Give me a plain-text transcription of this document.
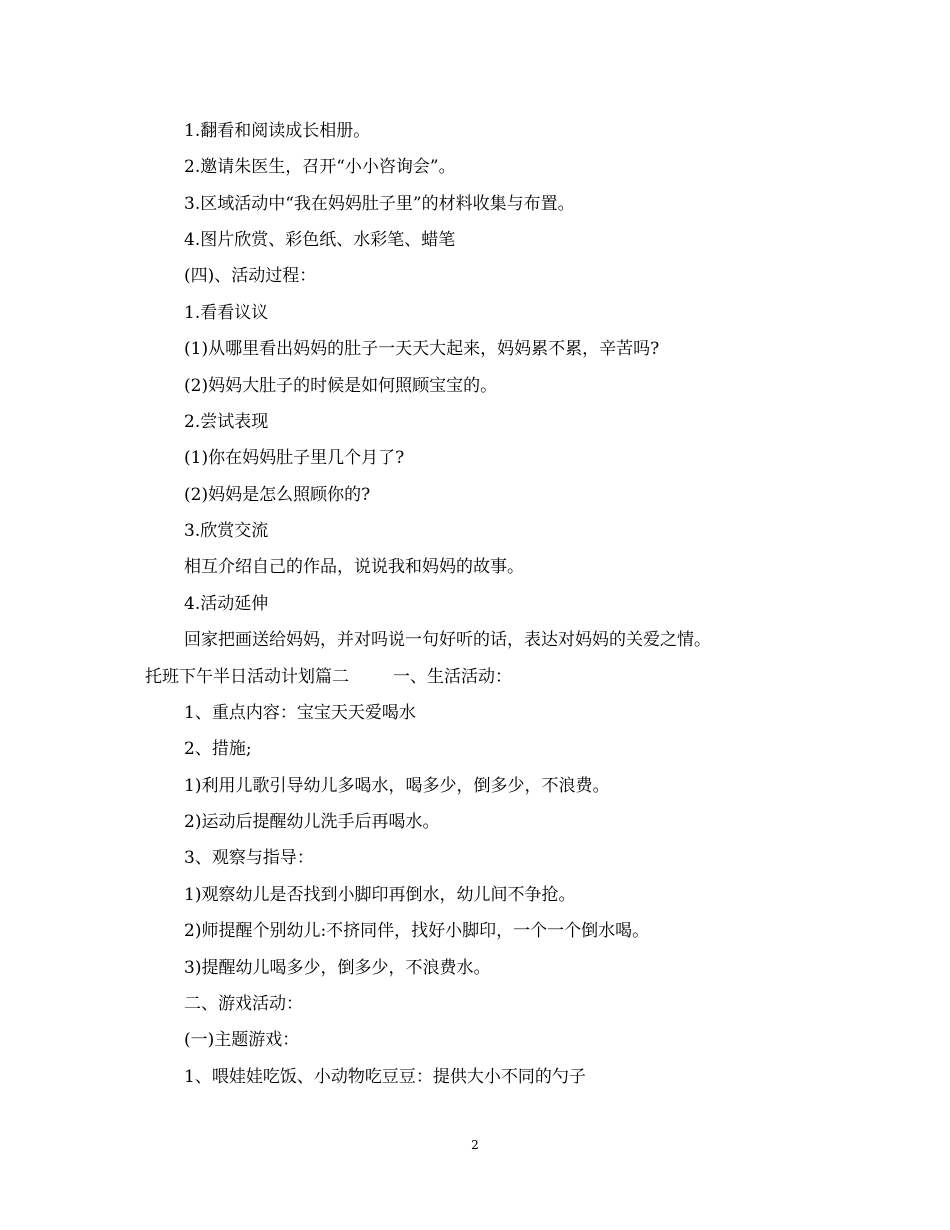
1.翻看和阅读成长相册。
2.邀请朱医生，召开“小小咨询会”。
3.区域活动中“我在妈妈肚子里”的材料收集与布置。
4.图片欣赏、彩色纸、水彩笔、蜡笔
(四)、活动过程：
1.看看议议
(1)从哪里看出妈妈的肚子一天天大起来，妈妈累不累，辛苦吗?
(2)妈妈大肚子的时候是如何照顾宝宝的。
2.尝试表现
(1)你在妈妈肚子里几个月了?
(2)妈妈是怎么照顾你的?
3.欣赏交流
相互介绍自己的作品，说说我和妈妈的故事。
4.活动延伸
回家把画送给妈妈，并对吗说一句好听的话，表达对妈妈的关爱之情。
托班下午半日活动计划篇二	一、生活活动：
1、重点内容：宝宝天天爱喝水
2、措施;
1)利用儿歌引导幼儿多喝水，喝多少，倒多少，不浪费。
2)运动后提醒幼儿洗手后再喝水。
3、观察与指导：
1)观察幼儿是否找到小脚印再倒水，幼儿间不争抢。
2)师提醒个别幼儿:不挤同伴，找好小脚印，一个一个倒水喝。
3)提醒幼儿喝多少，倒多少，不浪费水。
二、游戏活动：
(一)主题游戏：
1、喂娃娃吃饭、小动物吃豆豆：提供大小不同的勺子
2
